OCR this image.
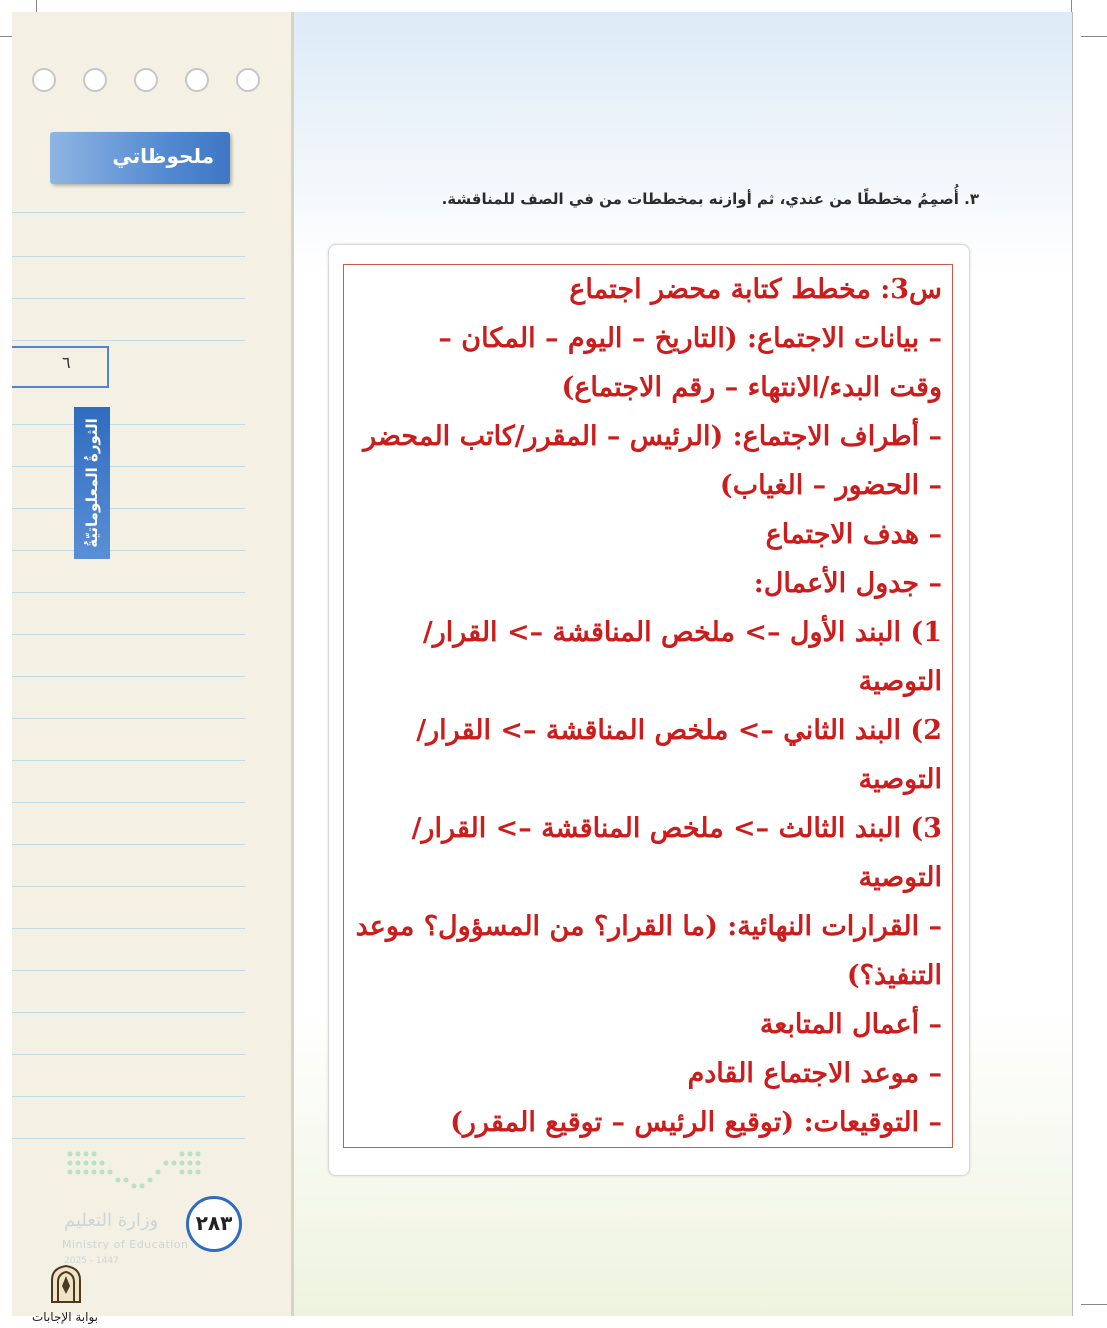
ملحوظاتي
٦
الثورةُ المعلوماتيّةُ
وزارة التعليم
Ministry of Education
2025 - 1447
٢٨٣
بوابة الإجابات
٣. أُصمِمُ مخططًا من عندي، ثم أوازنه بمخططات من في الصف للمناقشة.
س3: مخطط كتابة محضر اجتماع
– بيانات الاجتماع: (التاريخ – اليوم – المكان –
وقت البدء/الانتهاء – رقم الاجتماع)
– أطراف الاجتماع: (الرئيس – المقرر/كاتب المحضر
– الحضور – الغياب)
– هدف الاجتماع
– جدول الأعمال:
1) البند الأول –> ملخص المناقشة –> القرار/
التوصية
2) البند الثاني –> ملخص المناقشة –> القرار/
التوصية
3) البند الثالث –> ملخص المناقشة –> القرار/
التوصية
– القرارات النهائية: (ما القرار؟ من المسؤول؟ موعد
التنفيذ؟)
– أعمال المتابعة
– موعد الاجتماع القادم
– التوقيعات: (توقيع الرئيس – توقيع المقرر)
